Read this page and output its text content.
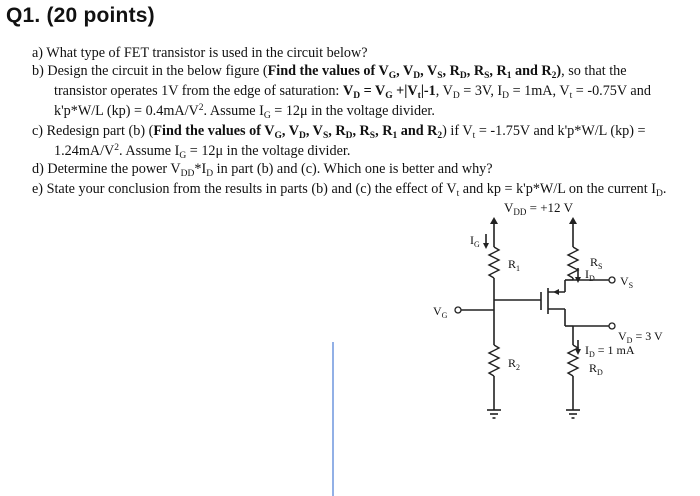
Q1. (20 points)
a) What type of FET transistor is used in the circuit below?
b) Design the circuit in the below figure (Find the values of $V_G$, $V_D$, $V_S$, $R_D$, $R_S$, $R_1$ and $R_2$), so that the
transistor operates 1V from the edge of saturation: $V_D = V_G +|V_t|-1$, $V_D = 3V$, $I_D = 1mA$, $V_t = -0.75V$ and
k'p*W/L $(kp) = 0.4mA/V^2$. Assume $I_G = 12\mu$ in the voltage divider.
c) Redesign part (b) (Find the values of $V_G$, $V_D$, $V_S$, $R_D$, $R_S$, $R_1$ and $R_2$) if $V_t = -1.75V$ and k'p*W/L (kp) =
$1.24mA/V^2$. Assume $I_G = 12\mu$ in the voltage divider.
d) Determine the power $V_{DD}*I_D$ in part (b) and (c). Which one is better and why?
e) State your conclusion from the results in parts (b) and (c) the effect of $V_t$ and kp = k'p*W/L on the current $I_D$.
$V_{DD} = +12$ V
$I_G$
$R_1$
$R_2$
$V_G$
$R_S$
$I_D$ $V_S$
$V_D = 3$ V
$I_D = 1$ mA
$R_D$
